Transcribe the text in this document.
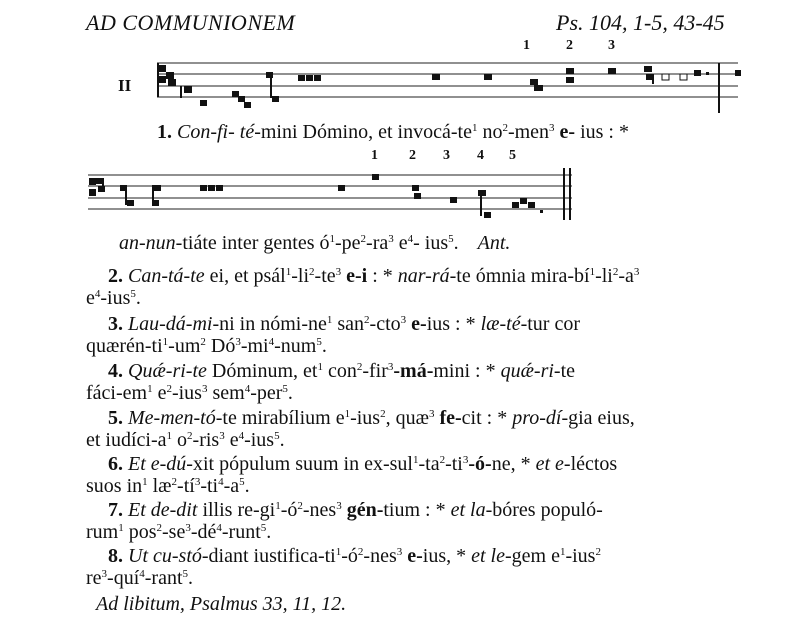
AD COMMUNIONEM	Ps. 104, 1-5, 43-45
II
1	2	3
1. Con-fi- té-mini Dómino, et invocá-$te^1$ $no^2-men^3$ e- ius : *
1 2 3 4 5
an-nun-tiáte inter gentes $ó^1-pe^2-ra^3$ $e^4-$ ius$^5$. Ant.
2. Can-tá-te ei, et $psál^1-li^2-te^3$ e-i : * nar-rá-te ómnia mira-$bí^1-li^2-a^3$
$e^4-ius^5$.
3. Lau-dá-mi-ni in nómi-$ne^1$ san$^2$-cto$^3$ e-ius : * læ-té-tur cor
quærén-$ti^1-um^2$ $Dó^3-mi^4-num^5$.
4. Quǽ-ri-te Dóminum, $et^1$ con$^2$-fir$^3$-má-mini : * quǽ-ri-te
fáci-$em^1$ $e^2-ius^3$ sem$^4$-per$^5$.
5. Me-men-tó-te mirabílium $e^1-ius^2$, quæ$^3$ fe-cit : * pro-dí-gia eius,
et iudíci-$a^1$ $o^2-ris^3$ $e^4-ius^5$.
6. Et e-dú-xit pópulum suum in $ex-sul^1-ta^2-ti^3-ó-ne$, * et e-léctos
suos $in^1$ $læ^2-tí^3-ti^4-a^5$.
7. Et de-dit illis $re-gi^1-ó^2-nes^3$ gén-tium : * et la-bóres populó-
rum$^1$ $pos^2-se^3-dé^4-runt^5$.
8. Ut cu-stó-diant iustifica-$ti^1-ó^2-nes^3$ e-ius, * et le-gem $e^1-ius^2$
$re^3-quí^4-rant^5$.
Ad libitum, Psalmus 33, 11, 12.
